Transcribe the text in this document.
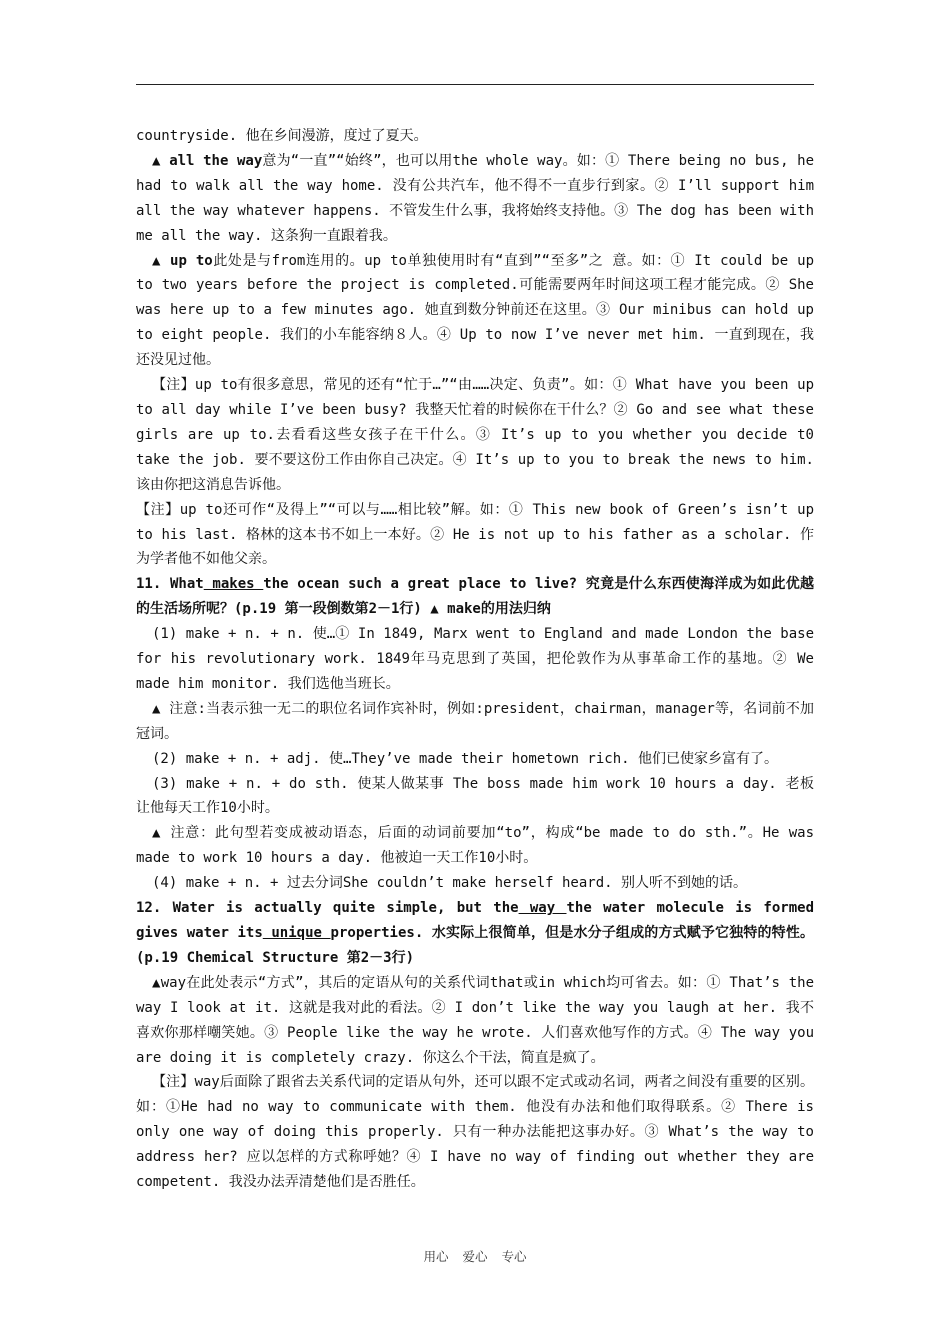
countryside. 他在乡间漫游，度过了夏天。

▲ all the way意为“一直”“始终”，也可以用the whole way。如：① There being no bus, he had to walk all the way home. 没有公共汽车，他不得不一直步行到家。② I’ll support him all the way whatever happens. 不管发生什么事，我将始终支持他。③ The dog has been with me all the way. 这条狗一直跟着我。

▲ up to此处是与from连用的。up to单独使用时有“直到”“至多”之 意。如：① It could be up to two years before the project is completed.可能需要两年时间这项工程才能完成。② She was here up to a few minutes ago. 她直到数分钟前还在这里。③ Our minibus can hold up to eight people. 我们的小车能容纳８人。④ Up to now I’ve never met him. 一直到现在，我还没见过他。

【注】up to有很多意思，常见的还有“忙于…”“由……决定、负责”。如：① What have you been up to all day while I’ve been busy? 我整天忙着的时候你在干什么？② Go and see what these girls are up to.去看看这些女孩子在干什么。③ It’s up to you whether you decide t0 take the job. 要不要这份工作由你自己决定。④ It’s up to you to break the news to him. 该由你把这消息告诉他。

【注】up to还可作“及得上”“可以与……相比较”解。如：① This new book of Green’s isn’t up to his last. 格林的这本书不如上一本好。② He is not up to his father as a scholar. 作为学者他不如他父亲。

11. What makes the ocean such a great place to live? 究竟是什么东西使海洋成为如此优越的生活场所呢？(p.19 第一段倒数第2－1行) ▲ make的用法归纳

(1) make + n. + n. 使…① In 1849, Marx went to England and made London the base for his revolutionary work. 1849年马克思到了英国，把伦敦作为从事革命工作的基地。② We made him monitor. 我们选他当班长。

▲ 注意:当表示独一无二的职位名词作宾补时，例如:president，chairman，manager等，名词前不加冠词。

(2) make + n. + adj. 使…They’ve made their hometown rich. 他们已使家乡富有了。

(3) make + n. + do sth. 使某人做某事 The boss made him work 10 hours a day. 老板让他每天工作10小时。

▲ 注意：此句型若变成被动语态，后面的动词前要加“to”，构成“be made to do sth.”。He was made to work 10 hours a day. 他被迫一天工作10小时。

(4) make + n. + 过去分词She couldn’t make herself heard. 别人听不到她的话。

12. Water is actually quite simple, but the way the water molecule is formed gives water its unique properties. 水实际上很简单，但是水分子组成的方式赋予它独特的特性。(p.19 Chemical Structure 第2－3行)

▲way在此处表示“方式”，其后的定语从句的关系代词that或in which均可省去。如：① That’s the way I look at it. 这就是我对此的看法。② I don’t like the way you laugh at her. 我不喜欢你那样嘲笑她。③ People like the way he wrote. 人们喜欢他写作的方式。④ The way you are doing it is completely crazy. 你这么个干法，简直是疯了。

【注】way后面除了跟省去关系代词的定语从句外，还可以跟不定式或动名词，两者之间没有重要的区别。如：①He had no way to communicate with them. 他没有办法和他们取得联系。② There is only one way of doing this properly. 只有一种办法能把这事办好。③ What’s the way to address her? 应以怎样的方式称呼她？④ I have no way of finding out whether they are competent. 我没办法弄清楚他们是否胜任。

用心 爱心 专心
